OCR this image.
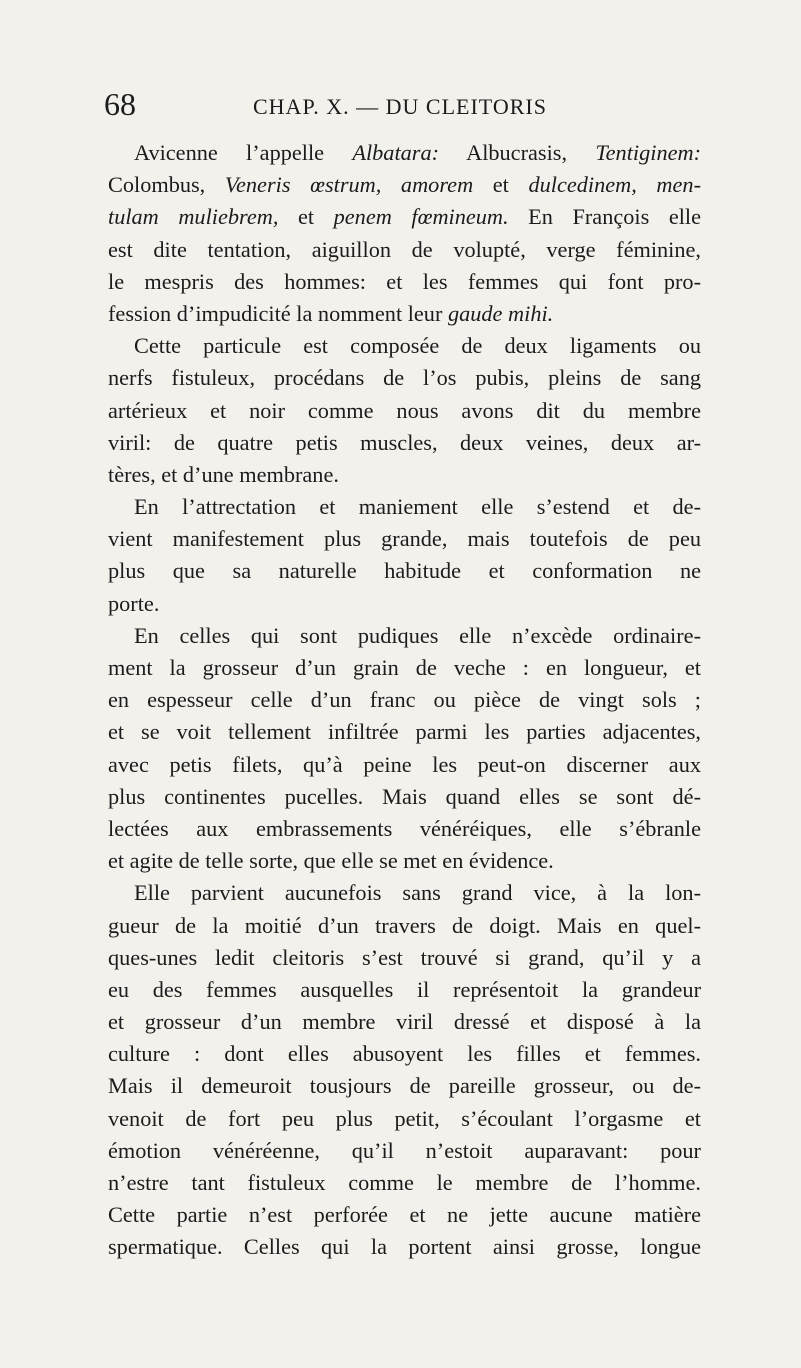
68	CHAP. X. — DU CLEITORIS
Avicenne l’appelle Albatara: Albucrasis, Tentiginem:
Colombus, Veneris œstrum, amorem et dulcedinem, men-
tulam muliebrem, et penem fœmineum. En François elle
est dite tentation, aiguillon de volupté, verge féminine,
le mespris des hommes: et les femmes qui font pro-
fession d’impudicité la nomment leur gaude mihi.
Cette particule est composée de deux ligaments ou
nerfs fistuleux, procédans de l’os pubis, pleins de sang
artérieux et noir comme nous avons dit du membre
viril: de quatre petis muscles, deux veines, deux ar-
tères, et d’une membrane.
En l’attrectation et maniement elle s’estend et de-
vient manifestement plus grande, mais toutefois de peu
plus que sa naturelle habitude et conformation ne
porte.
En celles qui sont pudiques elle n’excède ordinaire-
ment la grosseur d’un grain de veche : en longueur, et
en espesseur celle d’un franc ou pièce de vingt sols ;
et se voit tellement infiltrée parmi les parties adjacentes,
avec petis filets, qu’à peine les peut-on discerner aux
plus continentes pucelles. Mais quand elles se sont dé-
lectées aux embrassements vénéréiques, elle s’ébranle
et agite de telle sorte, que elle se met en évidence.
Elle parvient aucunefois sans grand vice, à la lon-
gueur de la moitié d’un travers de doigt. Mais en quel-
ques-unes ledit cleitoris s’est trouvé si grand, qu’il y a
eu des femmes ausquelles il représentoit la grandeur
et grosseur d’un membre viril dressé et disposé à la
culture : dont elles abusoyent les filles et femmes.
Mais il demeuroit tousjours de pareille grosseur, ou de-
venoit de fort peu plus petit, s’écoulant l’orgasme et
émotion vénéréenne, qu’il n’estoit auparavant: pour
n’estre tant fistuleux comme le membre de l’homme.
Cette partie n’est perforée et ne jette aucune matière
spermatique. Celles qui la portent ainsi grosse, longue
